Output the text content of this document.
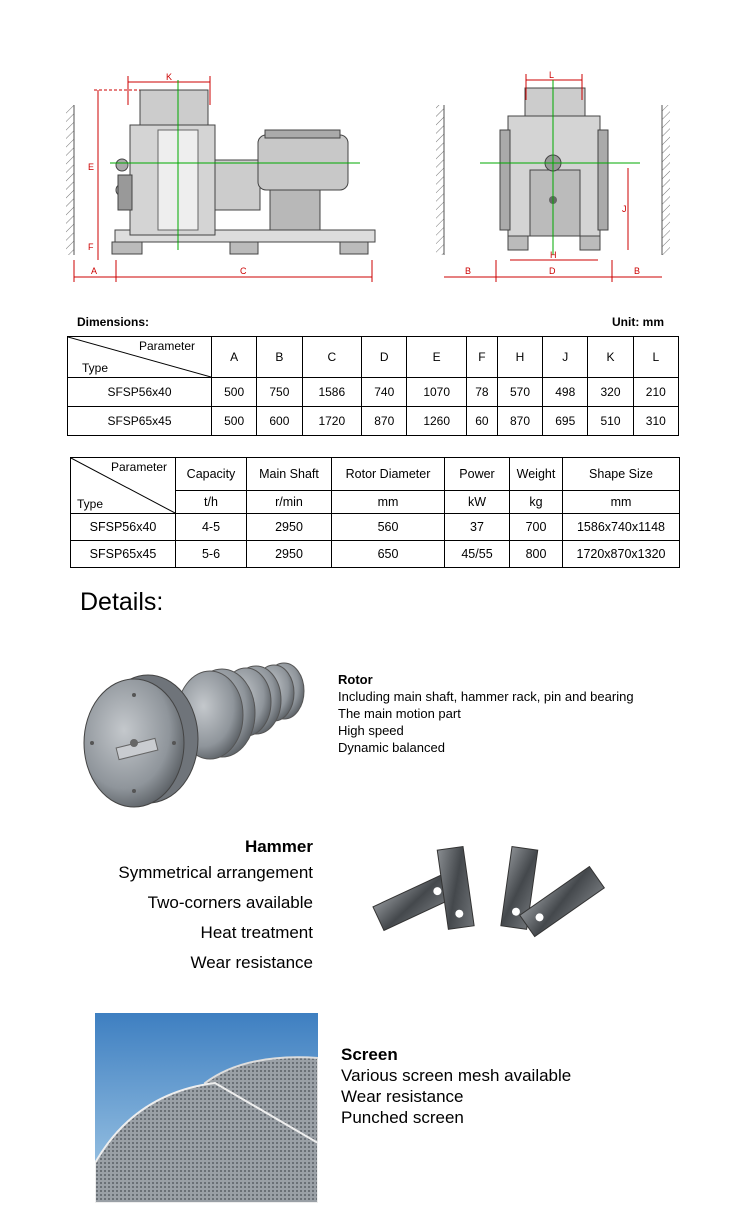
K
E
F
A	C
L
H
J
B	D	B
Dimensions:	Unit: mm
Parameter
Type	A	B	C	D	E	F	H	J	K	L
SFSP56x40	500	750	1586	740	1070	78	570	498	320	210
SFSP65x45	500	600	1720	870	1260	60	870	695	510	310
Parameter
Type	Capacity	Main Shaft	Rotor Diameter	Power	Weight	Shape Size
	t/h	r/min	mm	kW	kg	mm
SFSP56x40	4-5	2950	560	37	700	1586x740x1148
SFSP65x45	5-6	2950	650	45/55	800	1720x870x1320
Details:
Rotor
Including main shaft, hammer rack, pin and bearing
The main motion part
High speed
Dynamic balanced
Hammer
Symmetrical arrangement
Two-corners available
Heat treatment
Wear resistance
Screen
Various screen mesh available
Wear resistance
Punched screen
